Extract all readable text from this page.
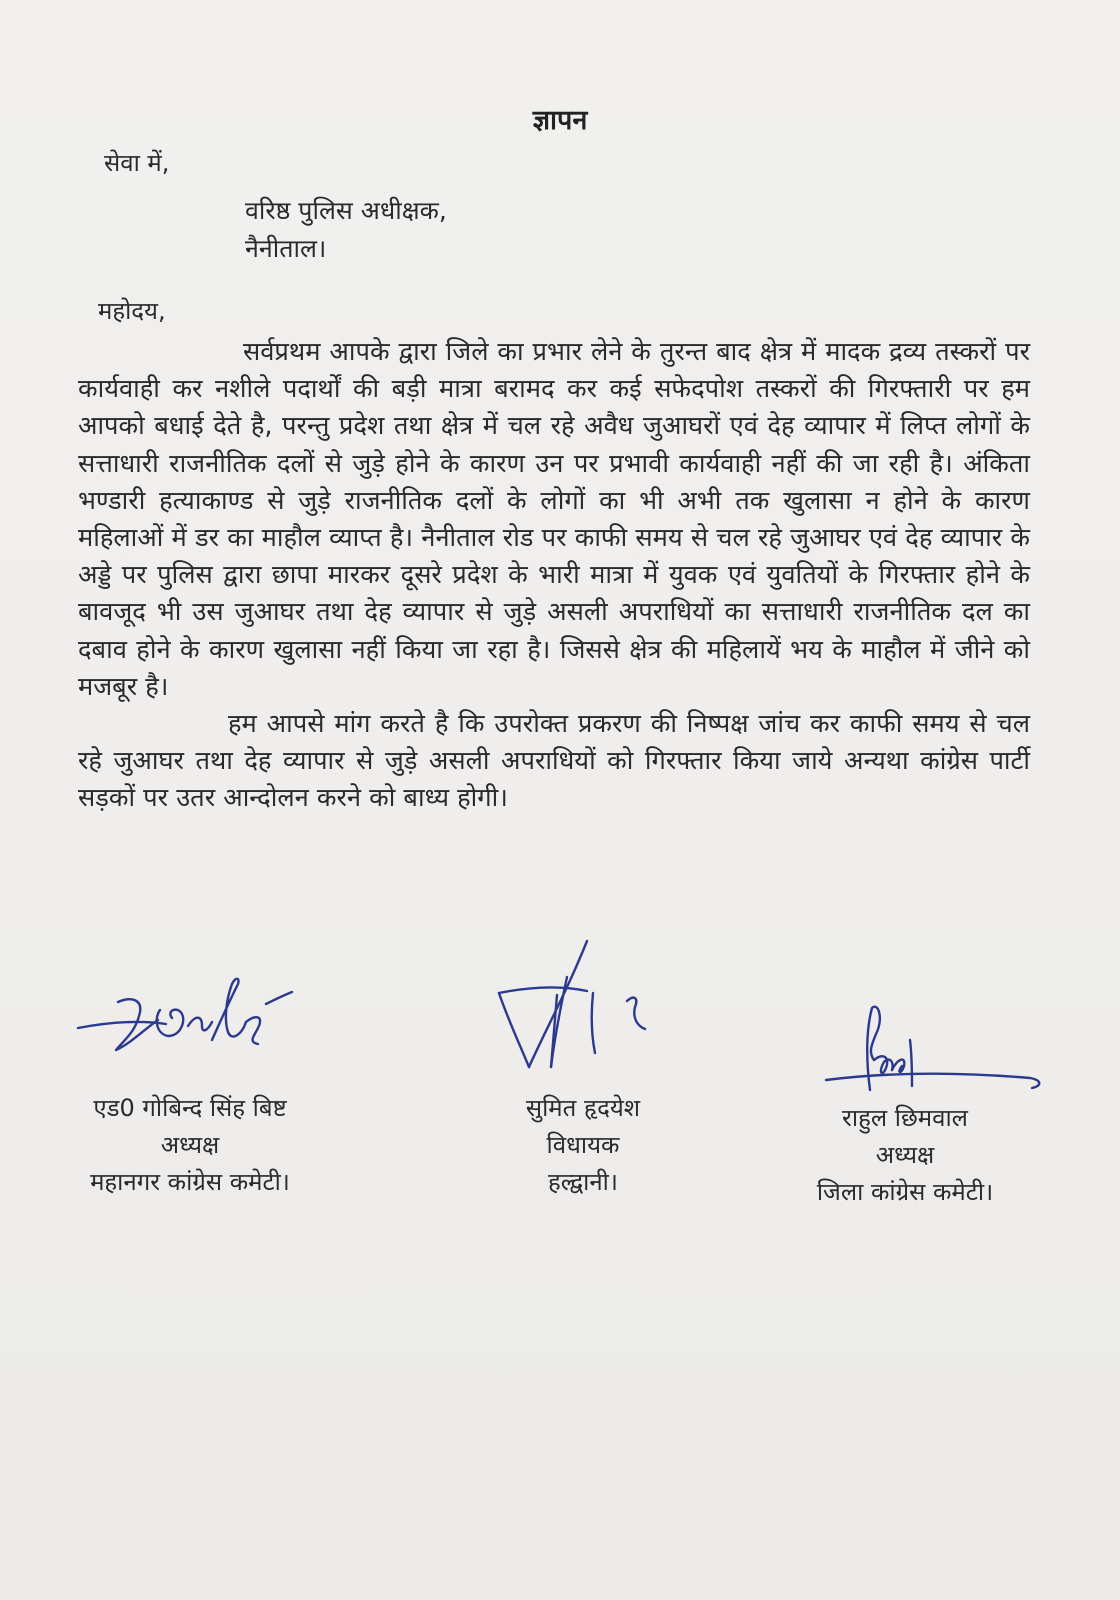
ज्ञापन
सेवा में,
वरिष्ठ पुलिस अधीक्षक,
नैनीताल।
महोदय,

सर्वप्रथम आपके द्वारा जिले का प्रभार लेने के तुरन्त बाद क्षेत्र में मादक द्रव्य तस्करों पर कार्यवाही कर नशीले पदार्थों की बड़ी मात्रा बरामद कर कई सफेदपोश तस्करों की गिरफ्तारी पर हम आपको बधाई देते है, परन्तु प्रदेश तथा क्षेत्र में चल रहे अवैध जुआघरों एवं देह व्यापार में लिप्त लोगों के सत्ताधारी राजनीतिक दलों से जुड़े होने के कारण उन पर प्रभावी कार्यवाही नहीं की जा रही है। अंकिता भण्डारी हत्याकाण्ड से जुड़े राजनीतिक दलों के लोगों का भी अभी तक खुलासा न होने के कारण महिलाओं में डर का माहौल व्याप्त है। नैनीताल रोड पर काफी समय से चल रहे जुआघर एवं देह व्यापार के अड्डे पर पुलिस द्वारा छापा मारकर दूसरे प्रदेश के भारी मात्रा में युवक एवं युवतियों के गिरफ्तार होने के बावजूद भी उस जुआघर तथा देह व्यापार से जुड़े असली अपराधियों का सत्ताधारी राजनीतिक दल का दबाव होने के कारण खुलासा नहीं किया जा रहा है। जिससे क्षेत्र की महिलायें भय के माहौल में जीने को मजबूर है।

हम आपसे मांग करते है कि उपरोक्त प्रकरण की निष्पक्ष जांच कर काफी समय से चल रहे जुआघर तथा देह व्यापार से जुड़े असली अपराधियों को गिरफ्तार किया जाये अन्यथा कांग्रेस पार्टी सड़कों पर उतर आन्दोलन करने को बाध्य होगी।

एड0 गोबिन्द सिंह बिष्ट
अध्यक्ष
महानगर कांग्रेस कमेटी।
सुमित हृदयेश
विधायक
हल्द्वानी।
राहुल छिमवाल
अध्यक्ष
जिला कांग्रेस कमेटी।
